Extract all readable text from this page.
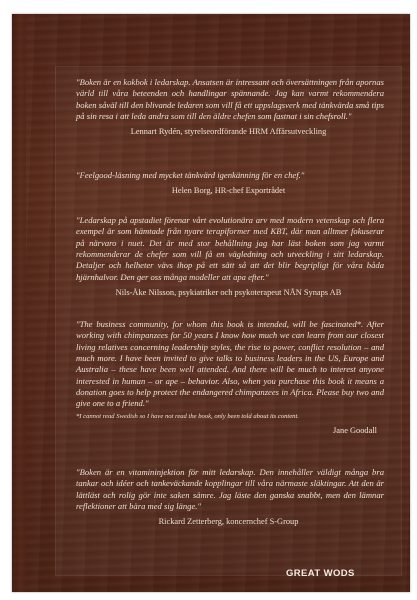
"Boken är en kokbok i ledarskap. Ansatsen är intressant och översättningen från apornas värld till våra beteenden och handlingar spännande. Jag kan varmt rekommendera boken såväl till den blivande ledaren som vill få ett uppslagsverk med tänkvärda små tips på sin resa i att leda andra som till den äldre chefen som fastnat i sin chefsroll."

Lennart Rydén, styrelseordförande HRM Affärsutveckling

"Feelgood-läsning med mycket tänkvärd igenkänning för en chef."

Helen Borg, HR-chef Exportrådet

"Ledarskap på apstadiet förenar vårt evolutionära arv med modern vetenskap och flera exempel är som hämtade från nyare terapiformer med KBT, där man alltmer fokuserar på närvaro i nuet. Det är med stor behållning jag har läst boken som jag varmt rekommenderar de chefer som vill få en vägledning och utveckling i sitt ledarskap. Detaljer och helheter vävs ihop på ett sätt så att det blir begripligt för våra båda hjärnhalvor. Den ger oss många modeller att apa efter."

Nils-Åke Nilsson, psykiatriker och psykoterapeut NÅN Synaps AB

"The business community, for whom this book is intended, will be fascinated*. After working with chimpanzees for 50 years I know how much we can learn from our closest living relatives concerning leadership styles, the rise to power, conflict resolution – and much more. I have been invited to give talks to business leaders in the US, Europe and Australia – these have been well attended. And there will be much to interest anyone interested in human – or ape – behavior. Also, when you purchase this book it means a donation goes to help protect the endangered chimpanzees in Africa. Please buy two and give one to a friend."

*I cannot read Swedish so I have not read the book, only been told about its content.

Jane Goodall

"Boken är en vitamininjektion för mitt ledarskap. Den innehåller väldigt många bra tankar och idéer och tankeväckande kopplingar till våra närmaste släktingar. Att den är lättläst och rolig gör inte saken sämre. Jag läste den ganska snabbt, men den lämnar reflektioner att bära med sig länge."

Rickard Zetterberg, koncernchef S-Group

GREAT WODS
